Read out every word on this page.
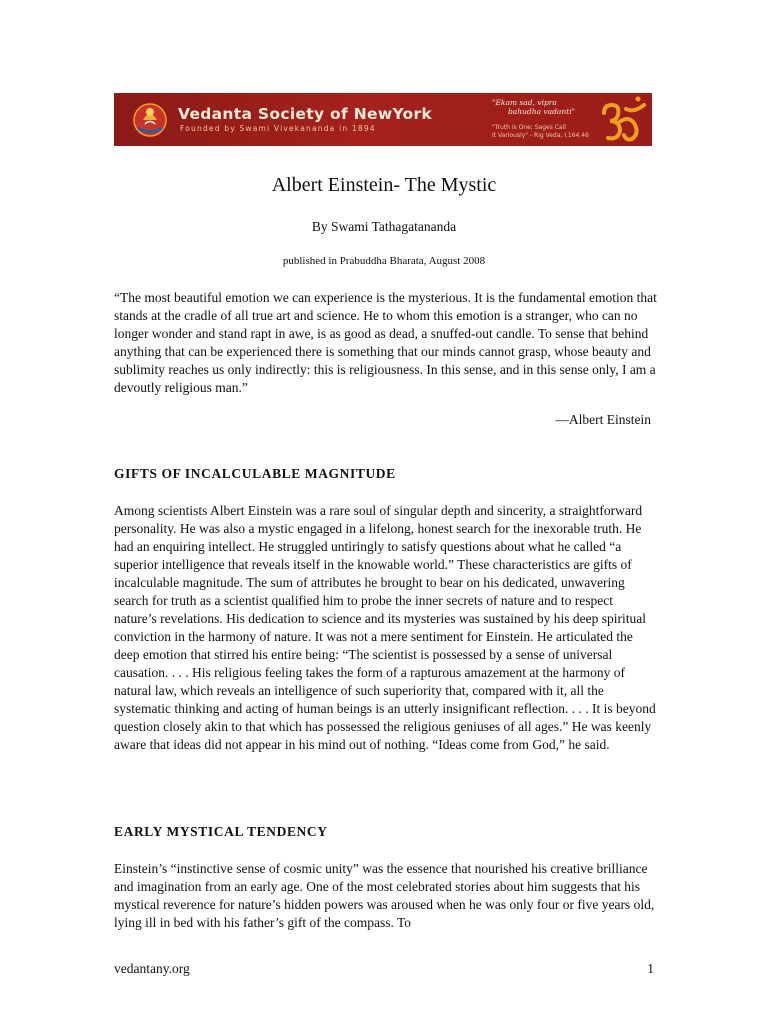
Vedanta Society of NewYork
Founded by Swami Vivekananda in 1894
"Ekam sad, vipra
bahudha vadanti"
"Truth is One; Sages Call
It Variously" - Rig Veda, I.164.46
Albert Einstein- The Mystic
By Swami Tathagatananda
published in Prabuddha Bharata, August 2008

“The most beautiful emotion we can experience is the mysterious. It is the fundamental emotion that stands at the cradle of all true art and science. He to whom this emotion is a stranger, who can no longer wonder and stand rapt in awe, is as good as dead, a snuffed-out candle. To sense that behind anything that can be experienced there is something that our minds cannot grasp, whose beauty and sublimity reaches us only indirectly: this is religiousness. In this sense, and in this sense only, I am a devoutly religious man.”

—Albert Einstein
GIFTS OF INCALCULABLE MAGNITUDE

Among scientists Albert Einstein was a rare soul of singular depth and sincerity, a straightforward personality. He was also a mystic engaged in a lifelong, honest search for the inexorable truth. He had an enquiring intellect. He struggled untiringly to satisfy questions about what he called “a superior intelligence that reveals itself in the knowable world.” These characteristics are gifts of incalculable magnitude. The sum of attributes he brought to bear on his dedicated, unwavering search for truth as a scientist qualified him to probe the inner secrets of nature and to respect nature’s revelations. His dedication to science and its mysteries was sustained by his deep spiritual conviction in the harmony of nature. It was not a mere sentiment for Einstein. He articulated the deep emotion that stirred his entire being: “The scientist is possessed by a sense of universal causation. . . . His religious feeling takes the form of a rapturous amazement at the harmony of natural law, which reveals an intelligence of such superiority that, compared with it, all the systematic thinking and acting of human beings is an utterly insignificant reflection. . . . It is beyond question closely akin to that which has possessed the religious geniuses of all ages.” He was keenly aware that ideas did not appear in his mind out of nothing. “Ideas come from God,” he said.

EARLY MYSTICAL TENDENCY

Einstein’s “instinctive sense of cosmic unity” was the essence that nourished his creative brilliance and imagination from an early age. One of the most celebrated stories about him suggests that his mystical reverence for nature’s hidden powers was aroused when he was only four or five years old, lying ill in bed with his father’s gift of the compass. To

vedantany.org	1
